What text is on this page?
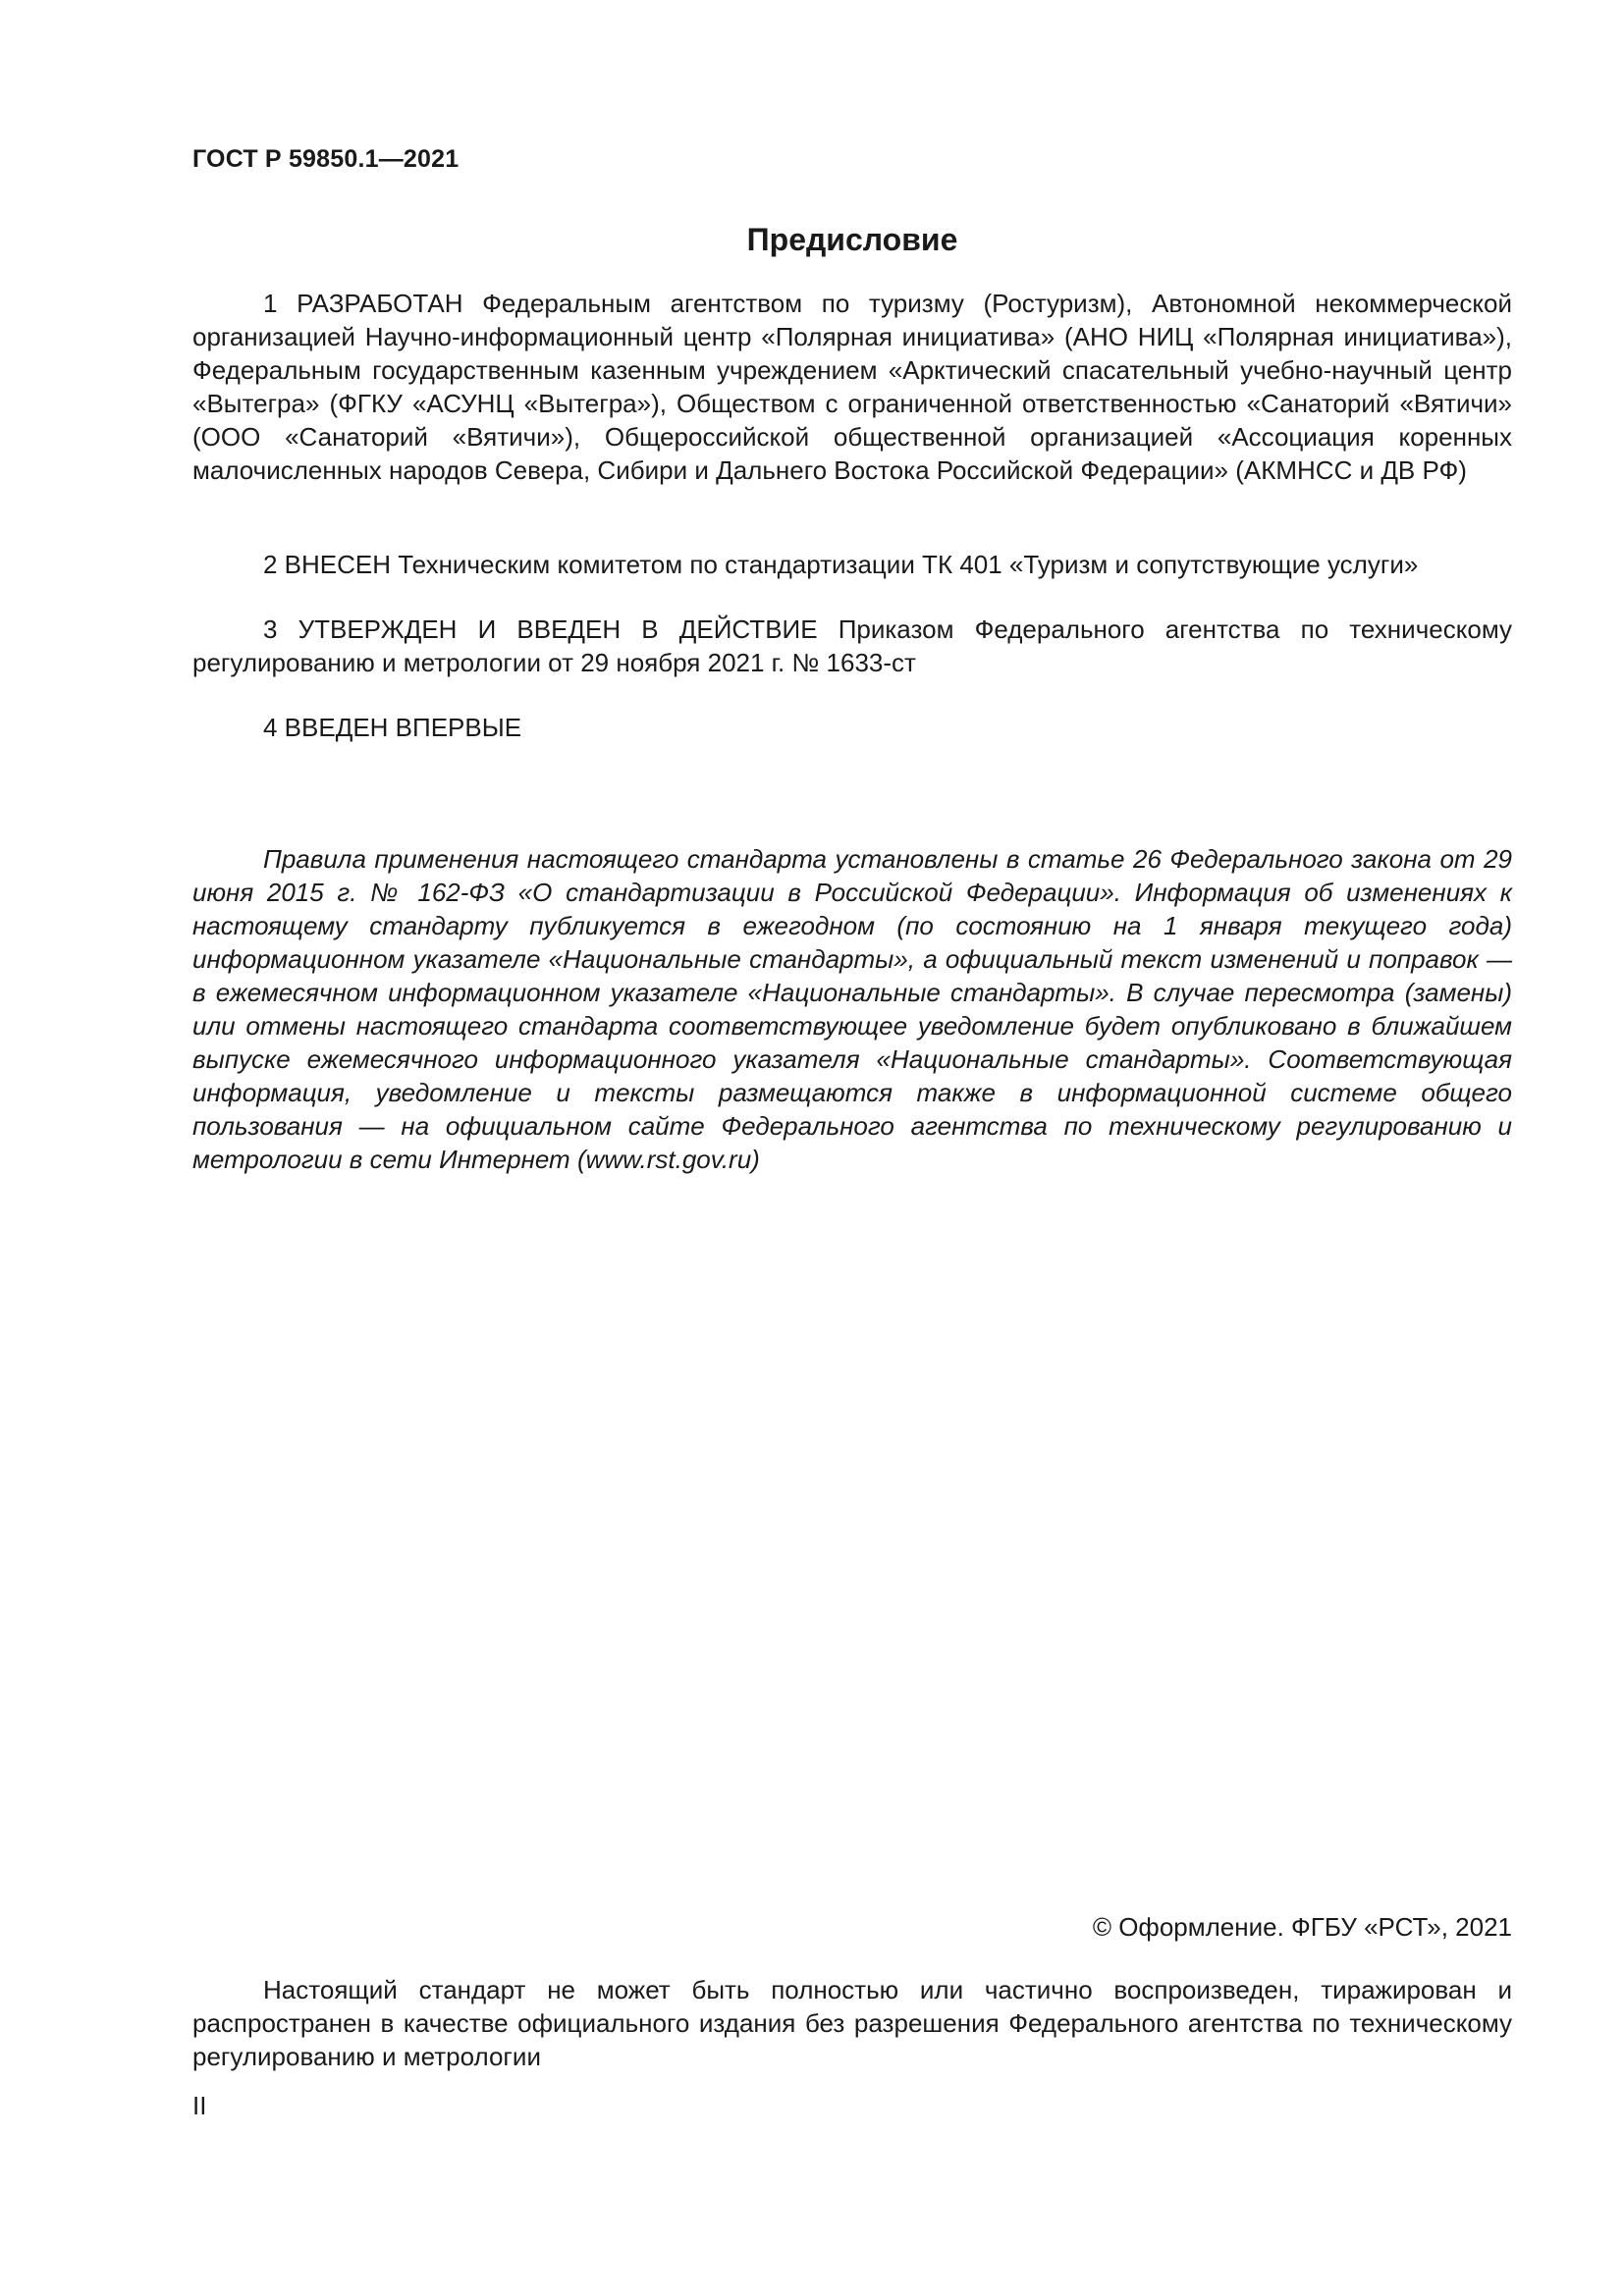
ГОСТ Р 59850.1—2021
Предисловие

1 РАЗРАБОТАН Федеральным агентством по туризму (Ростуризм), Автономной некоммерческой организацией Научно-информационный центр «Полярная инициатива» (АНО НИЦ «Полярная инициатива»), Федеральным государственным казенным учреждением «Арктический спасательный учебно-научный центр «Вытегра» (ФГКУ «АСУНЦ «Вытегра»), Обществом с ограниченной ответственностью «Санаторий «Вятичи» (ООО «Санаторий «Вятичи»), Общероссийской общественной организацией «Ассоциация коренных малочисленных народов Севера, Сибири и Дальнего Востока Российской Федерации» (АКМНСС и ДВ РФ)

2 ВНЕСЕН Техническим комитетом по стандартизации ТК 401 «Туризм и сопутствующие услуги»

3 УТВЕРЖДЕН И ВВЕДЕН В ДЕЙСТВИЕ Приказом Федерального агентства по техническому регулированию и метрологии от 29 ноября 2021 г. № 1633-ст

4 ВВЕДЕН ВПЕРВЫЕ

Правила применения настоящего стандарта установлены в статье 26 Федерального закона от 29 июня 2015 г. № 162-ФЗ «О стандартизации в Российской Федерации». Информация об изменениях к настоящему стандарту публикуется в ежегодном (по состоянию на 1 января текущего года) информационном указателе «Национальные стандарты», а официальный текст изменений и поправок — в ежемесячном информационном указателе «Национальные стандарты». В случае пересмотра (замены) или отмены настоящего стандарта соответствующее уведомление будет опубликовано в ближайшем выпуске ежемесячного информационного указателя «Национальные стандарты». Соответствующая информация, уведомление и тексты размещаются также в информационной системе общего пользования — на официальном сайте Федерального агентства по техническому регулированию и метрологии в сети Интернет (www.rst.gov.ru)

© Оформление. ФГБУ «РСТ», 2021

Настоящий стандарт не может быть полностью или частично воспроизведен, тиражирован и распространен в качестве официального издания без разрешения Федерального агентства по техническому регулированию и метрологии

II
